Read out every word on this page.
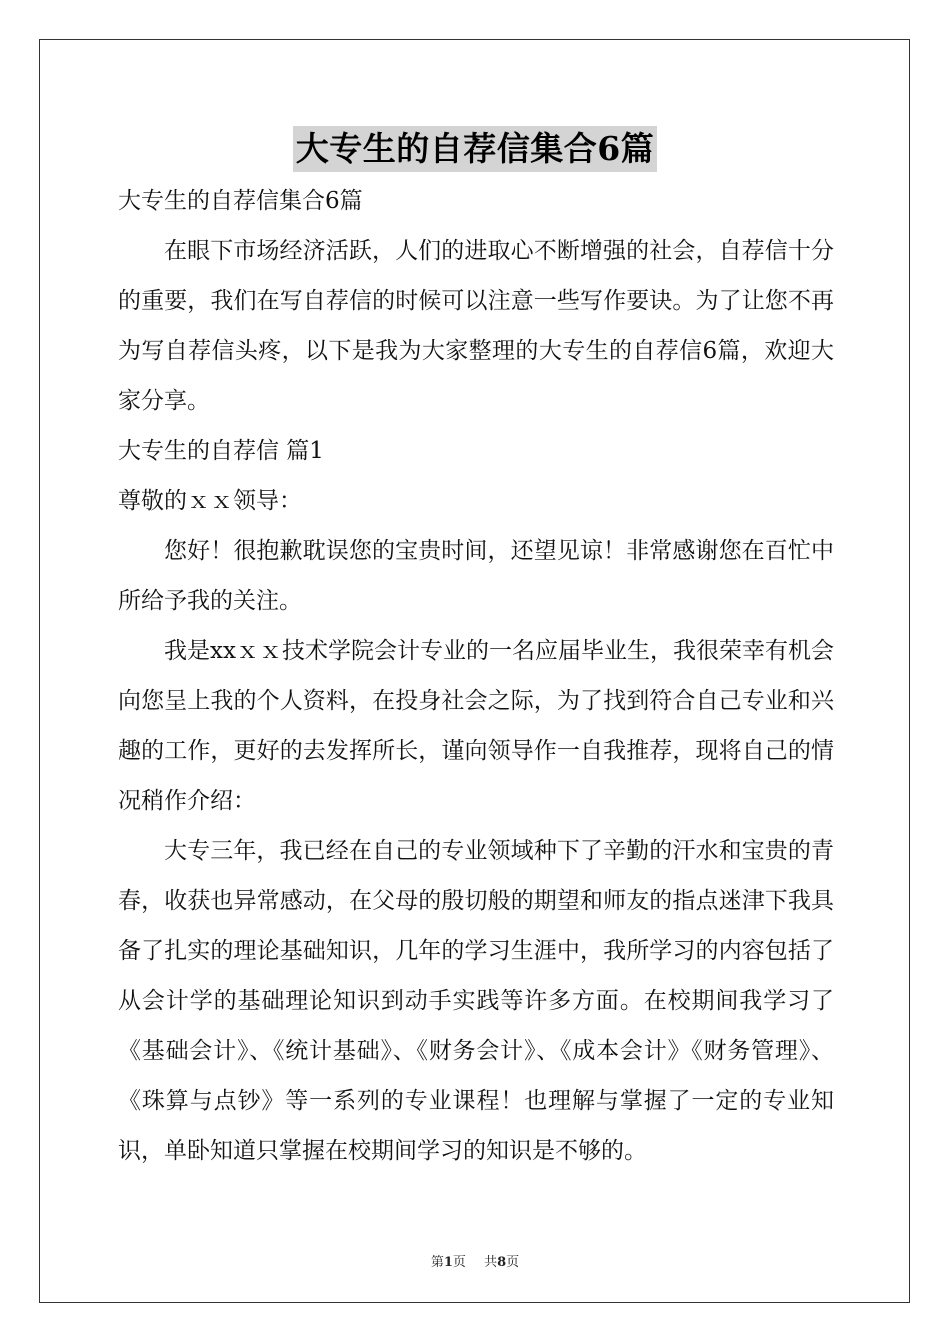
大专生的自荐信集合6篇

大专生的自荐信集合6篇

在眼下市场经济活跃，人们的进取心不断增强的社会，自荐信十分的重要，我们在写自荐信的时候可以注意一些写作要诀。为了让您不再为写自荐信头疼，以下是我为大家整理的大专生的自荐信6篇，欢迎大家分享。

大专生的自荐信 篇1

尊敬的ｘｘ领导：

您好！很抱歉耽误您的宝贵时间，还望见谅！非常感谢您在百忙中所给予我的关注。

我是xxｘｘ技术学院会计专业的一名应届毕业生，我很荣幸有机会向您呈上我的个人资料，在投身社会之际，为了找到符合自己专业和兴趣的工作，更好的去发挥所长，谨向领导作一自我推荐，现将自己的情况稍作介绍：

大专三年，我已经在自己的专业领域种下了辛勤的汗水和宝贵的青春，收获也异常感动，在父母的殷切般的期望和师友的指点迷津下我具备了扎实的理论基础知识，几年的学习生涯中，我所学习的内容包括了从会计学的基础理论知识到动手实践等许多方面。在校期间我学习了《基础会计》、《统计基础》、《财务会计》、《成本会计》《财务管理》、《珠算与点钞》等一系列的专业课程！也理解与掌握了一定的专业知识，单卧知道只掌握在校期间学习的知识是不够的。

第1页 共8页
